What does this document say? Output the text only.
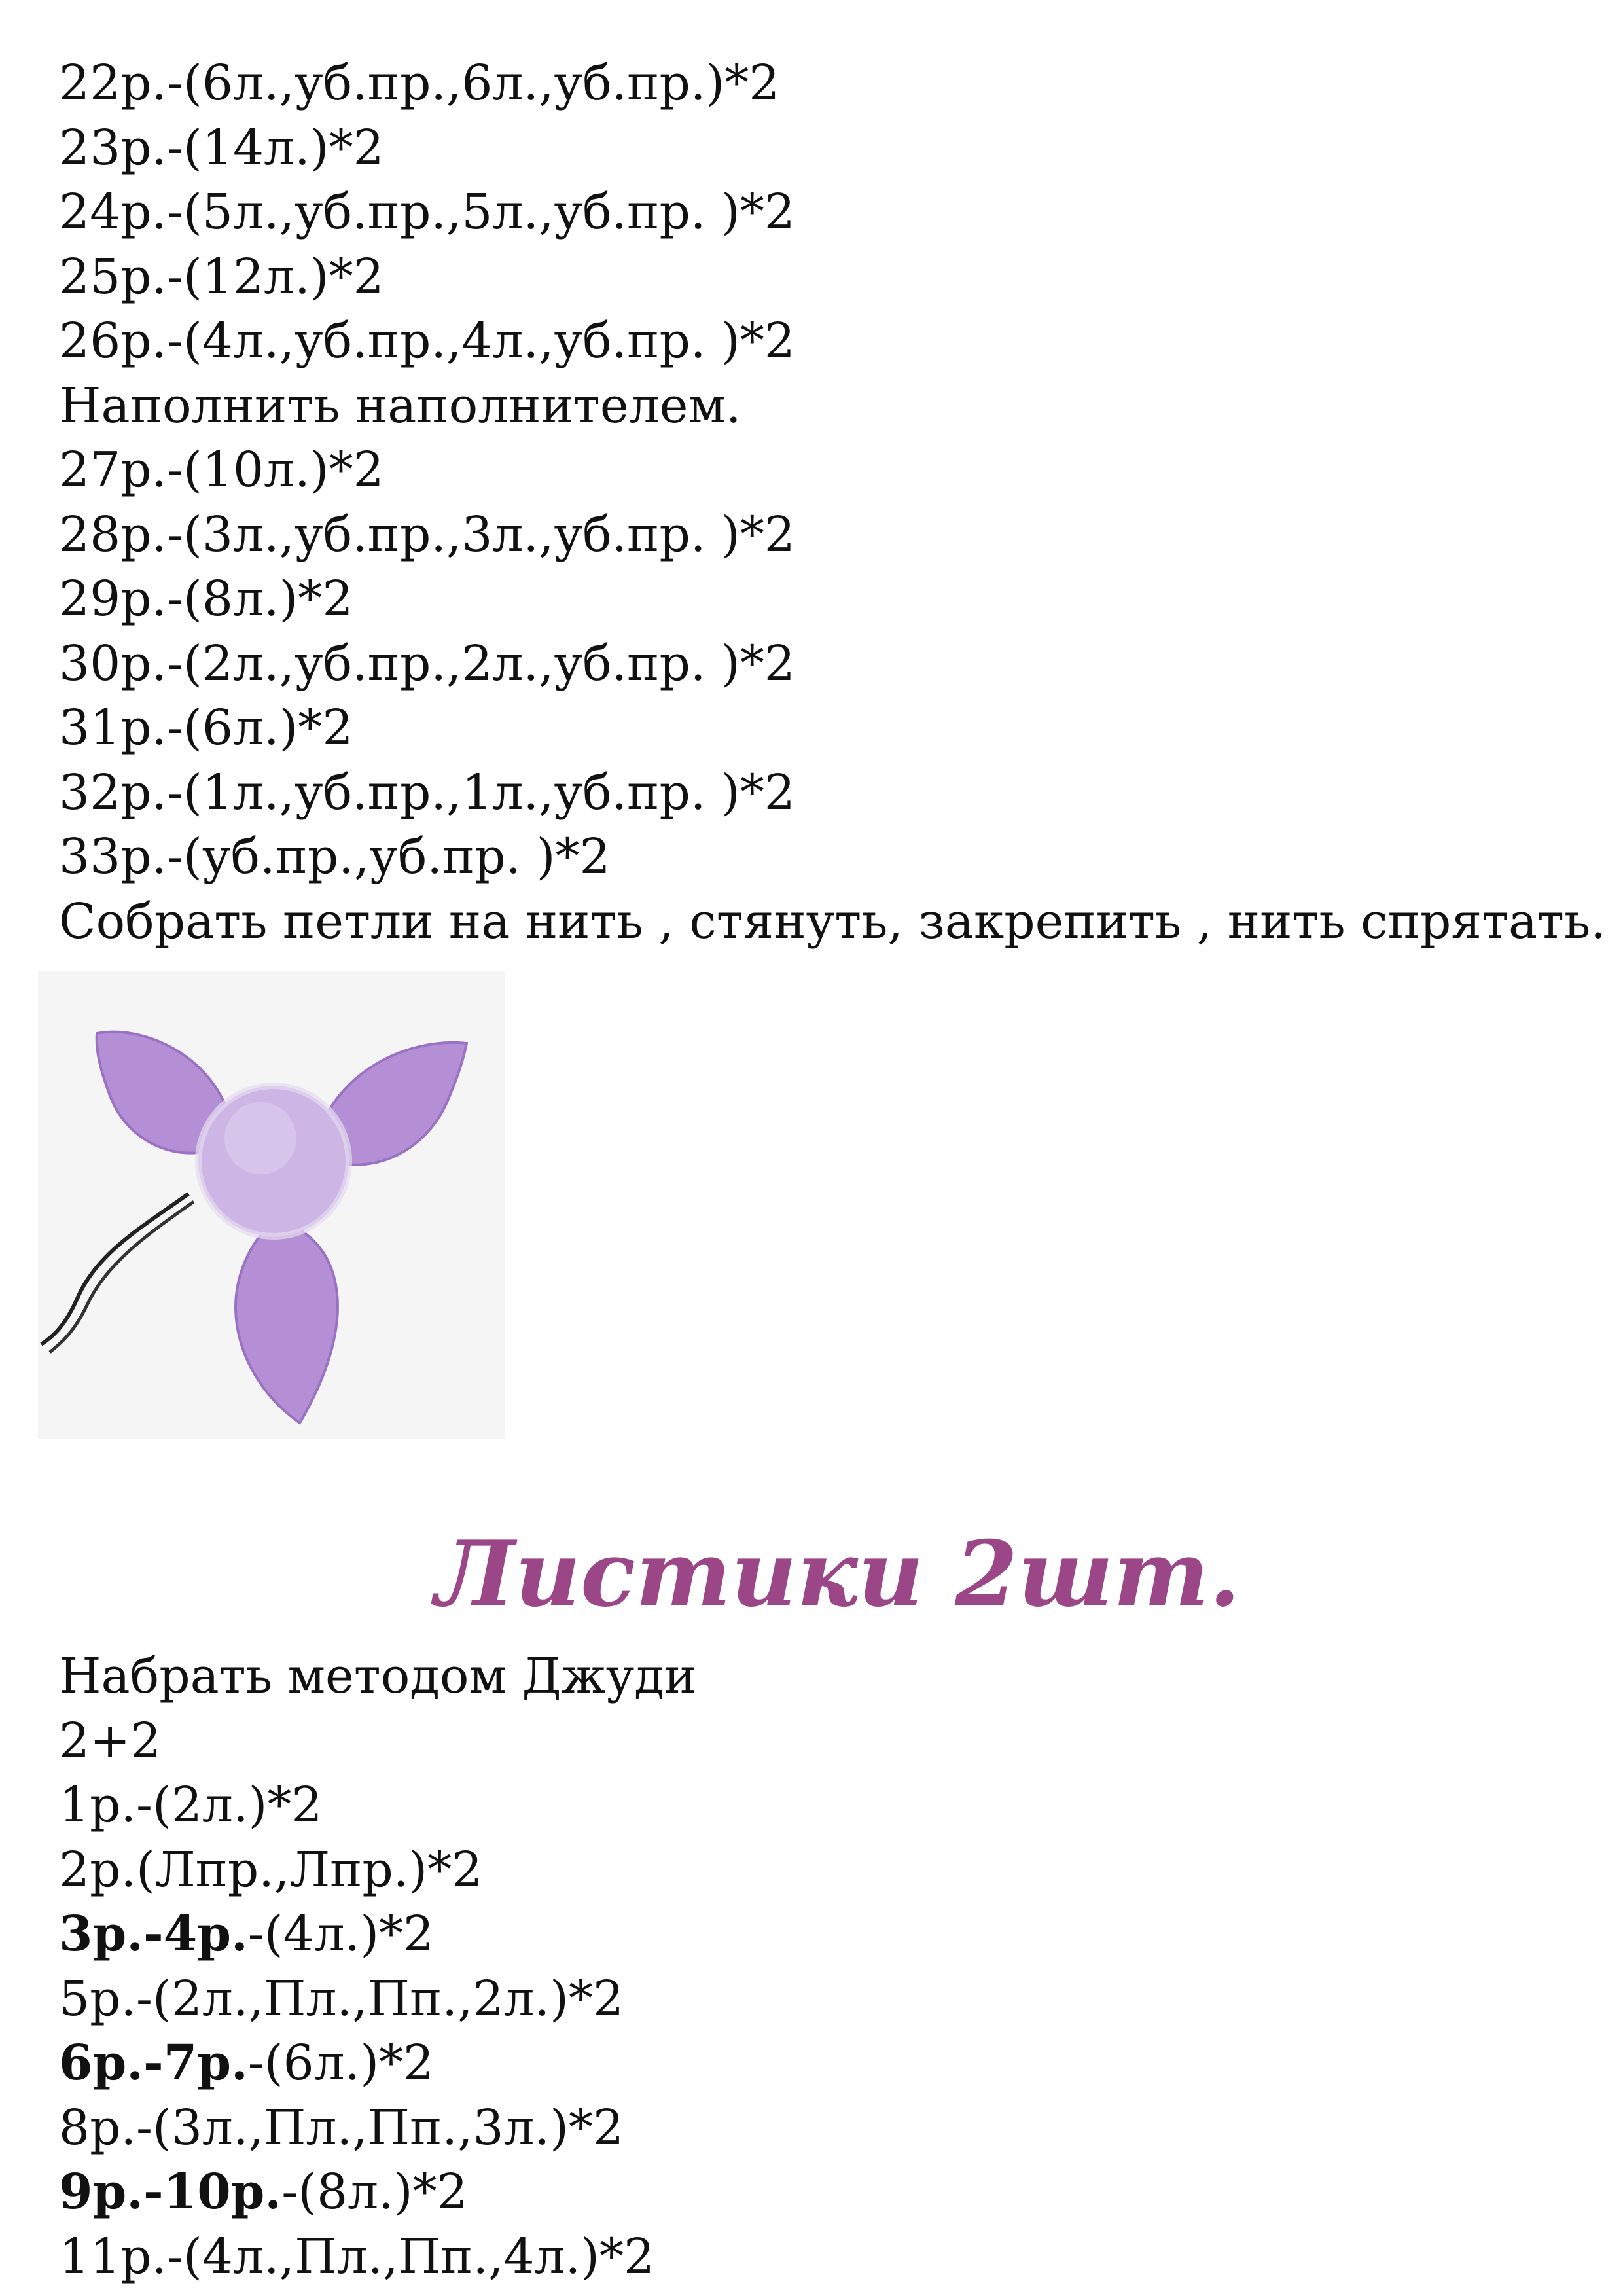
22р.-(6л.,уб.пр.,6л.,уб.пр.)*2
23р.-(14л.)*2
24р.-(5л.,уб.пр.,5л.,уб.пр. )*2
25р.-(12л.)*2
26р.-(4л.,уб.пр.,4л.,уб.пр. )*2
Наполнить наполнителем.
27р.-(10л.)*2
28р.-(3л.,уб.пр.,3л.,уб.пр. )*2
29р.-(8л.)*2
30р.-(2л.,уб.пр.,2л.,уб.пр. )*2
31р.-(6л.)*2
32р.-(1л.,уб.пр.,1л.,уб.пр. )*2
33р.-(уб.пр.,уб.пр. )*2
Собрать петли на нить , стянуть, закрепить , нить спрятать.
Листики 2шт.
Набрать методом Джуди
2+2
1р.-(2л.)*2
2р.(Лпр.,Лпр.)*2
3р.-4р.-(4л.)*2
5р.-(2л.,Пл.,Пп.,2л.)*2
6р.-7р.-(6л.)*2
8р.-(3л.,Пл.,Пп.,3л.)*2
9р.-10р.-(8л.)*2
11р.-(4л.,Пл.,Пп.,4л.)*2
